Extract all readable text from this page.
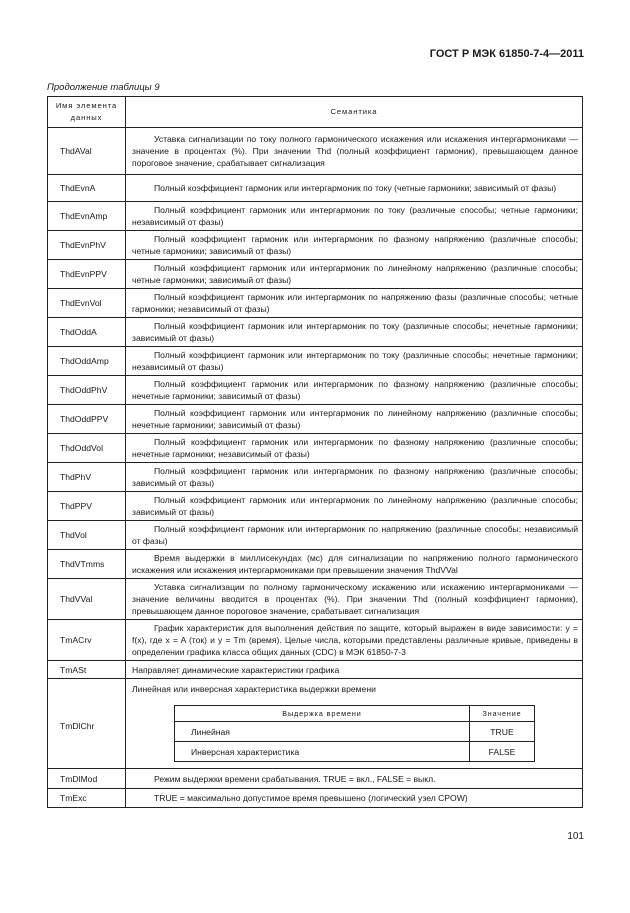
ГОСТ Р МЭК 61850-7-4—2011
Продолжение таблицы 9
Имя элемента данных	Семантика
ThdAVal	
Уставка сигнализации по току полного гармонического искажения или искажения интергармониками — значение в процентах (%). При значении Thd (полный коэффициент гармоник), превышающем данное пороговое значение, срабатывает сигнализация

ThdEvnA	Полный коэффициент гармоник или интергармоник по току (четные гармоники; зависимый от фазы)

ThdEvnAmp	
Полный коэффициент гармоник или интергармоник по току (различные способы; четные гармоники; независимый от фазы)

ThdEvnPhV	
Полный коэффициент гармоник или интергармоник по фазному напряжению (различные способы; четные гармоники; зависимый от фазы)

ThdEvnPPV	
Полный коэффициент гармоник или интергармоник по линейному напряжению (различные способы; четные гармоники; зависимый от фазы)

ThdEvnVol	
Полный коэффициент гармоник или интергармоник по напряжению фазы (различные способы; четные гармоники; независимый от фазы)

ThdOddA	
Полный коэффициент гармоник или интергармоник по току (различные способы; нечетные гармоники; зависимый от фазы)

ThdOddAmp	
Полный коэффициент гармоник или интергармоник по току (различные способы; нечетные гармоники; независимый от фазы)

ThdOddPhV	
Полный коэффициент гармоник или интергармоник по фазному напряжению (различные способы; нечетные гармоники; зависимый от фазы)

ThdOddPPV	
Полный коэффициент гармоник или интергармоник по линейному напряжению (различные способы; нечетные гармоники; зависимый от фазы)

ThdOddVol	
Полный коэффициент гармоник или интергармоник по фазному напряжению (различные способы; нечетные гармоники; независимый от фазы)

ThdPhV	
Полный коэффициент гармоник или интергармоник по фазному напряжению (различные способы; зависимый от фазы)

ThdPPV	
Полный коэффициент гармоник или интергармоник по линейному напряжению (различные способы; зависимый от фазы)

ThdVol	
Полный коэффициент гармоник или интергармоник по напряжению (различные способы; независимый от фазы)

ThdVTmms	
Время выдержки в миллисекундах (мс) для сигнализации по напряжению полного гармонического искажения или искажения интергармониками при превышении значения ThdVVal

ThdVVal	
Уставка сигнализации по полному гармоническому искажению или искажению интергармониками — значение величины вводится в процентах (%). При значении Thd (полный коэффициент гармоник), превышающем данное пороговое значение, срабатывает сигнализация

TmACrv	
График характеристик для выполнения действия по защите, который выражен в виде зависимости: y = f(x), где x = A (ток) и y = Tm (время). Целые числа, которыми представлены различные кривые, приведены в определении графика класса общих данных (CDC) в МЭК 61850-7-3

TmASt	Направляет динамические характеристики графика

TmDlChr	
Линейная или инверсная характеристика выдержки времени
Выдержка времени	Значение
Линейная	TRUE
Инверсная характеристика	FALSE

TmDlMod	Режим выдержки времени срабатывания. TRUE = вкл., FALSE = выкл.

TmExc	TRUE = максимально допустимое время превышено (логический узел CPOW)
101
